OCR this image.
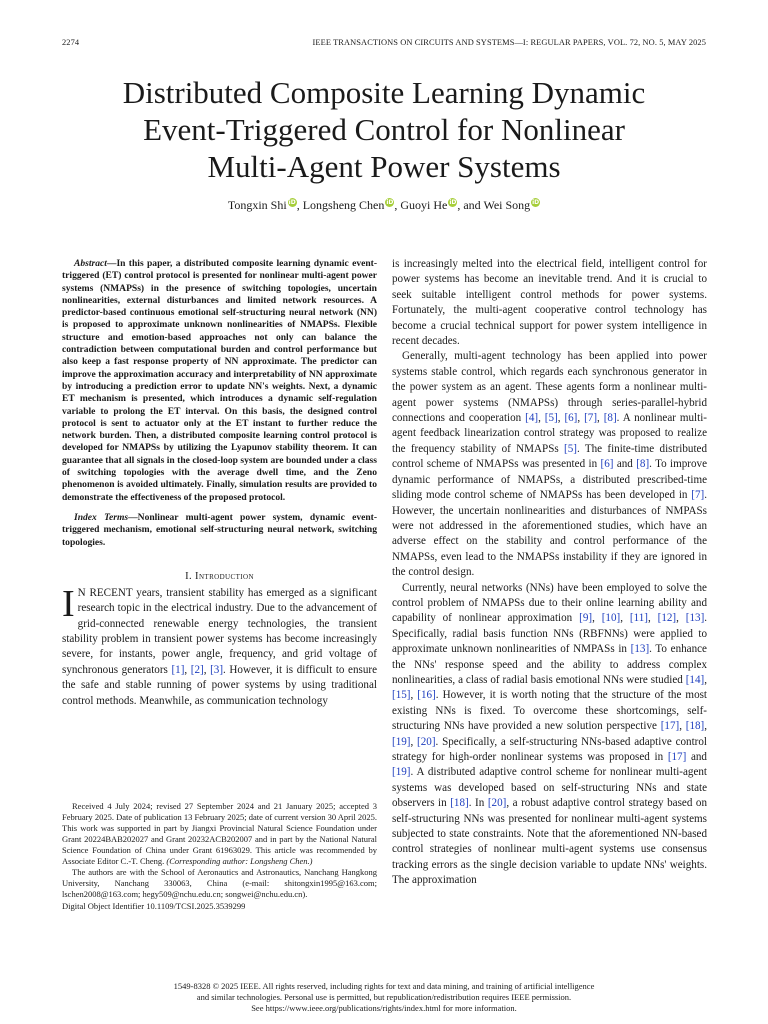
2274	IEEE TRANSACTIONS ON CIRCUITS AND SYSTEMS—I: REGULAR PAPERS, VOL. 72, NO. 5, MAY 2025
Distributed Composite Learning Dynamic
Event-Triggered Control for Nonlinear
Multi-Agent Power Systems
Tongxin Shi iD, Longsheng Chen iD, Guoyi He iD, and Wei Song iD

Abstract—In this paper, a distributed composite learning dynamic event-triggered (ET) control protocol is presented for nonlinear multi-agent power systems (NMAPSs) in the presence of switching topologies, uncertain nonlinearities, external disturbances and limited network resources. A predictor-based continuous emotional self-structuring neural network (NN) is proposed to approximate unknown nonlinearities of NMAPSs. Flexible structure and emotion-based approaches not only can balance the contradiction between computational burden and control performance but also keep a fast response property of NN approximate. The predictor can improve the approximation accuracy and interpretability of NN approximate by introducing a prediction error to update NN's weights. Next, a dynamic ET mechanism is presented, which introduces a dynamic self-regulation variable to prolong the ET interval. On this basis, the designed control protocol is sent to actuator only at the ET instant to further reduce the network burden. Then, a distributed composite learning control protocol is developed for NMAPSs by utilizing the Lyapunov stability theorem. It can guarantee that all signals in the closed-loop system are bounded under a class of switching topologies with the average dwell time, and the Zeno phenomenon is avoided ultimately. Finally, simulation results are provided to demonstrate the effectiveness of the proposed protocol.

Index Terms—Nonlinear multi-agent power system, dynamic event-triggered mechanism, emotional self-structuring neural network, switching topologies.

I. Introduction

I N RECENT years, transient stability has emerged as a significant research topic in the electrical industry. Due to the advancement of grid-connected renewable energy technologies, the transient stability problem in transient power systems has become increasingly severe, for instants, power angle, frequency, and grid voltage of synchronous generators [1], [2], [3]. However, it is difficult to ensure the safe and stable running of power systems by using traditional control methods. Meanwhile, as communication technology

Received 4 July 2024; revised 27 September 2024 and 21 January 2025; accepted 3 February 2025. Date of publication 13 February 2025; date of current version 30 April 2025. This work was supported in part by Jiangxi Provincial Natural Science Foundation under Grant 20224BAB202027 and Grant 20232ACB202007 and in part by the National Natural Science Foundation of China under Grant 61963029. This article was recommended by Associate Editor C.-T. Cheng. (Corresponding author: Longsheng Chen.)

The authors are with the School of Aeronautics and Astronautics, Nanchang Hangkong University, Nanchang 330063, China (e-mail: shitongxin1995@163.com; lschen2008@163.com; hegy509@nchu.edu.cn; songwei@nchu.edu.cn).

Digital Object Identifier 10.1109/TCSI.2025.3539299

is increasingly melted into the electrical field, intelligent control for power systems has become an inevitable trend. And it is crucial to seek suitable intelligent control methods for power systems. Fortunately, the multi-agent cooperative control technology has become a crucial technical support for power system intelligence in recent decades.

Generally, multi-agent technology has been applied into power systems stable control, which regards each synchronous generator in the power system as an agent. These agents form a nonlinear multi-agent power systems (NMAPSs) through series-parallel-hybrid connections and cooperation [4], [5], [6], [7], [8]. A nonlinear multi-agent feedback linearization control strategy was proposed to realize the frequency stability of NMAPSs [5]. The finite-time distributed control scheme of NMAPSs was presented in [6] and [8]. To improve dynamic performance of NMAPSs, a distributed prescribed-time sliding mode control scheme of NMAPSs has been developed in [7]. However, the uncertain nonlinearities and disturbances of NMPASs were not addressed in the aforementioned studies, which have an adverse effect on the stability and control performance of the NMAPSs, even lead to the NMAPSs instability if they are ignored in the control design.

Currently, neural networks (NNs) have been employed to solve the control problem of NMAPSs due to their online learning ability and capability of nonlinear approximation [9], [10], [11], [12], [13]. Specifically, radial basis function NNs (RBFNNs) were applied to approximate unknown nonlinearities of NMPASs in [13]. To enhance the NNs' response speed and the ability to address complex nonlinearities, a class of radial basis emotional NNs were studied [14], [15], [16]. However, it is worth noting that the structure of the most existing NNs is fixed. To overcome these shortcomings, self-structuring NNs have provided a new solution perspective [17], [18], [19], [20]. Specifically, a self-structuring NNs-based adaptive control strategy for high-order nonlinear systems was proposed in [17] and [19]. A distributed adaptive control scheme for nonlinear multi-agent systems was developed based on self-structuring NNs and state observers in [18]. In [20], a robust adaptive control strategy based on self-structuring NNs was presented for nonlinear multi-agent systems subjected to state constraints. Note that the aforementioned NN-based control strategies of nonlinear multi-agent systems use consensus tracking errors as the single decision variable to update NNs' weights. The approximation

1549-8328 © 2025 IEEE. All rights reserved, including rights for text and data mining, and training of artificial intelligence
and similar technologies. Personal use is permitted, but republication/redistribution requires IEEE permission.
See https://www.ieee.org/publications/rights/index.html for more information.
